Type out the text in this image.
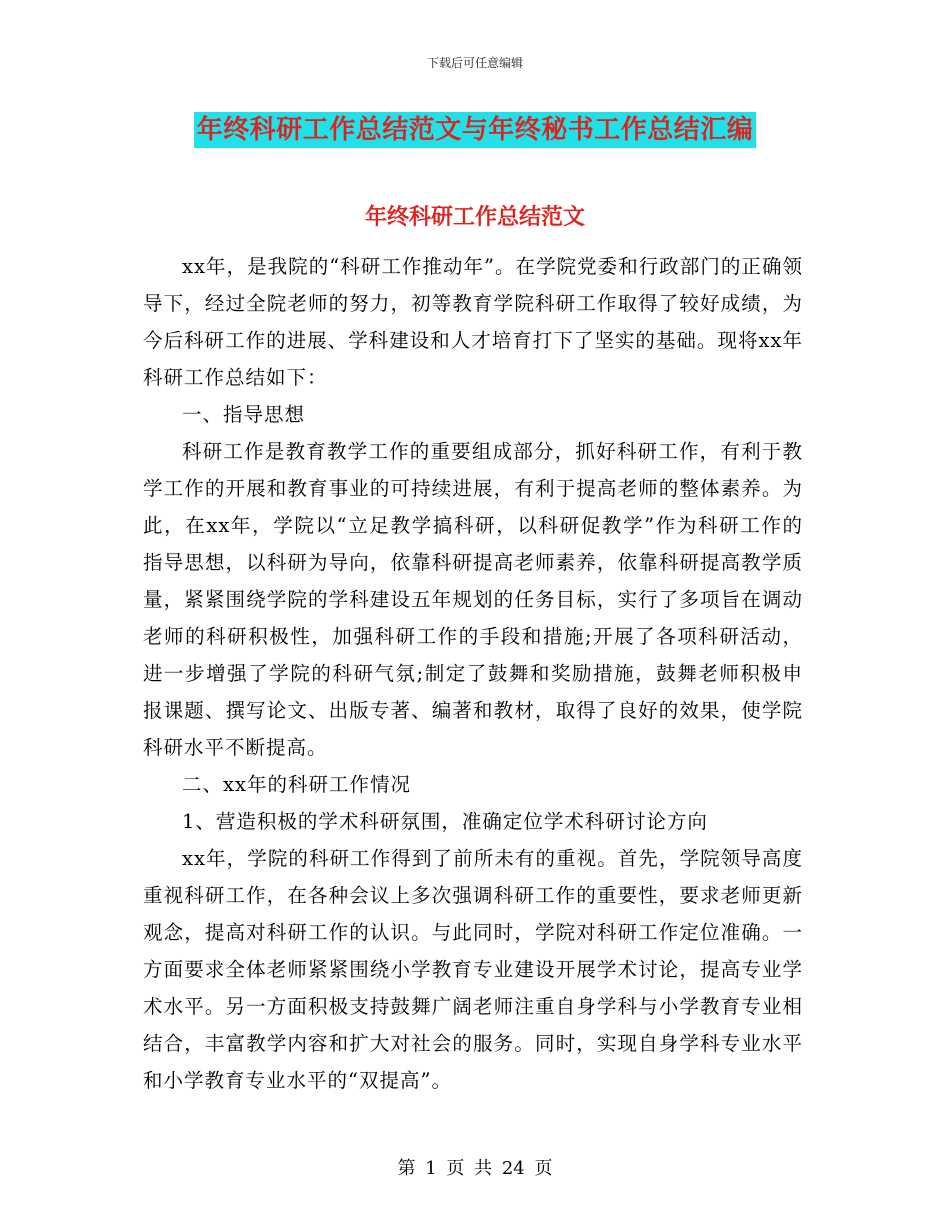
下载后可任意编辑
年终科研工作总结范文与年终秘书工作总结汇编
年终科研工作总结范文

xx年，是我院的“科研工作推动年”。在学院党委和行政部门的正确领导下，经过全院老师的努力，初等教育学院科研工作取得了较好成绩，为今后科研工作的进展、学科建设和人才培育打下了坚实的基础。现将xx年科研工作总结如下：

一、指导思想

科研工作是教育教学工作的重要组成部分，抓好科研工作，有利于教学工作的开展和教育事业的可持续进展，有利于提高老师的整体素养。为此，在xx年，学院以“立足教学搞科研，以科研促教学”作为科研工作的指导思想，以科研为导向，依靠科研提高老师素养，依靠科研提高教学质量，紧紧围绕学院的学科建设五年规划的任务目标，实行了多项旨在调动老师的科研积极性，加强科研工作的手段和措施;开展了各项科研活动，进一步增强了学院的科研气氛;制定了鼓舞和奖励措施，鼓舞老师积极申报课题、撰写论文、出版专著、编著和教材，取得了良好的效果，使学院科研水平不断提高。

二、xx年的科研工作情况

1、营造积极的学术科研氛围，准确定位学术科研讨论方向

xx年，学院的科研工作得到了前所未有的重视。首先，学院领导高度重视科研工作，在各种会议上多次强调科研工作的重要性，要求老师更新观念，提高对科研工作的认识。与此同时，学院对科研工作定位准确。一方面要求全体老师紧紧围绕小学教育专业建设开展学术讨论，提高专业学术水平。另一方面积极支持鼓舞广阔老师注重自身学科与小学教育专业相结合，丰富教学内容和扩大对社会的服务。同时，实现自身学科专业水平和小学教育专业水平的“双提高”。

第 1 页 共 24 页
